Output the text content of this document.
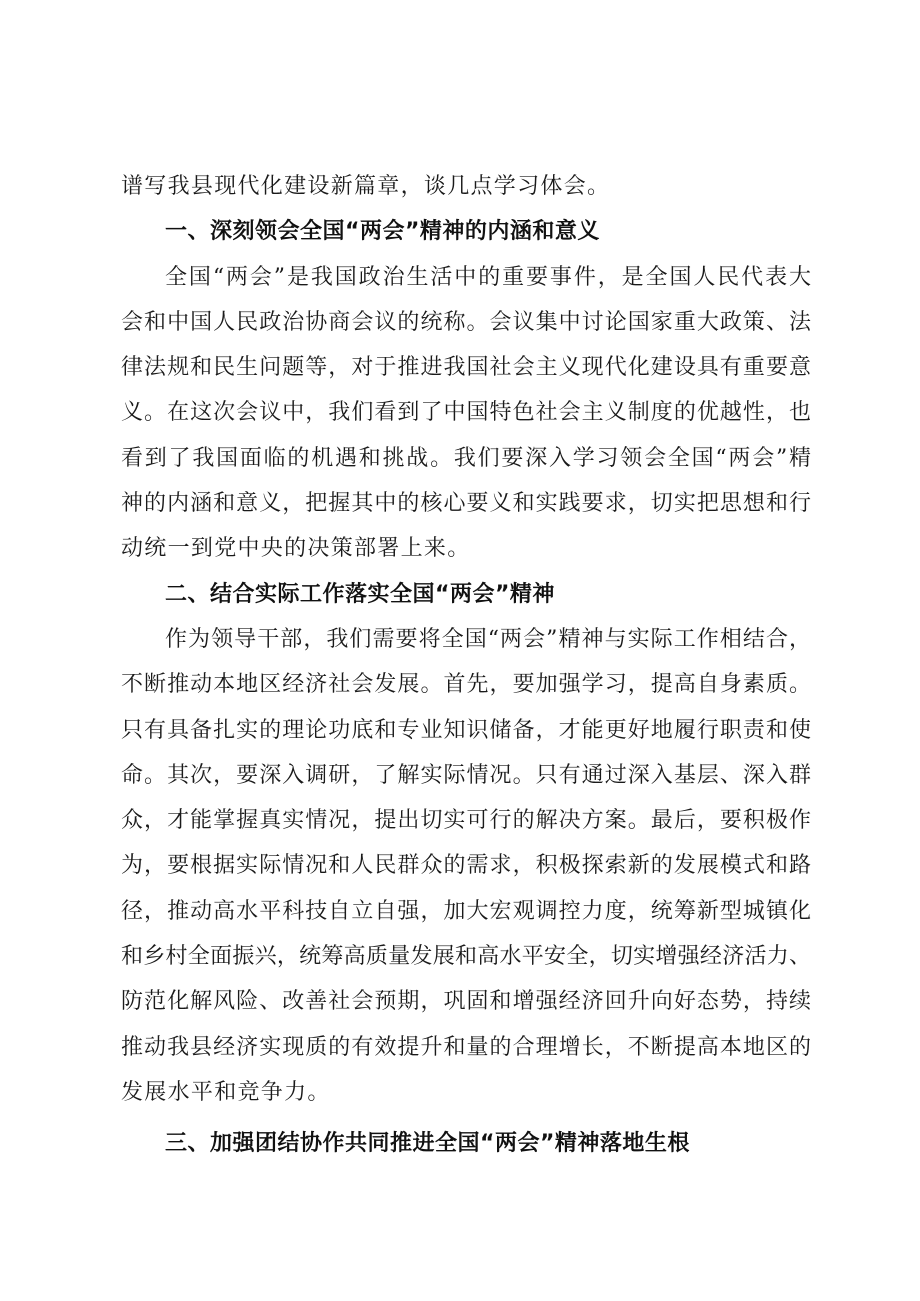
谱写我县现代化建设新篇章，谈几点学习体会。
一、深刻领会全国“两会”精神的内涵和意义
全国“两会”是我国政治生活中的重要事件，是全国人民代表大
会和中国人民政治协商会议的统称。会议集中讨论国家重大政策、法
律法规和民生问题等，对于推进我国社会主义现代化建设具有重要意
义。在这次会议中，我们看到了中国特色社会主义制度的优越性，也
看到了我国面临的机遇和挑战。我们要深入学习领会全国“两会”精
神的内涵和意义，把握其中的核心要义和实践要求，切实把思想和行
动统一到党中央的决策部署上来。
二、结合实际工作落实全国“两会”精神
作为领导干部，我们需要将全国“两会”精神与实际工作相结合，
不断推动本地区经济社会发展。首先，要加强学习，提高自身素质。
只有具备扎实的理论功底和专业知识储备，才能更好地履行职责和使
命。其次，要深入调研，了解实际情况。只有通过深入基层、深入群
众，才能掌握真实情况，提出切实可行的解决方案。最后，要积极作
为，要根据实际情况和人民群众的需求，积极探索新的发展模式和路
径，推动高水平科技自立自强，加大宏观调控力度，统筹新型城镇化
和乡村全面振兴，统筹高质量发展和高水平安全，切实增强经济活力、
防范化解风险、改善社会预期，巩固和增强经济回升向好态势，持续
推动我县经济实现质的有效提升和量的合理增长，不断提高本地区的
发展水平和竞争力。
三、加强团结协作共同推进全国“两会”精神落地生根
